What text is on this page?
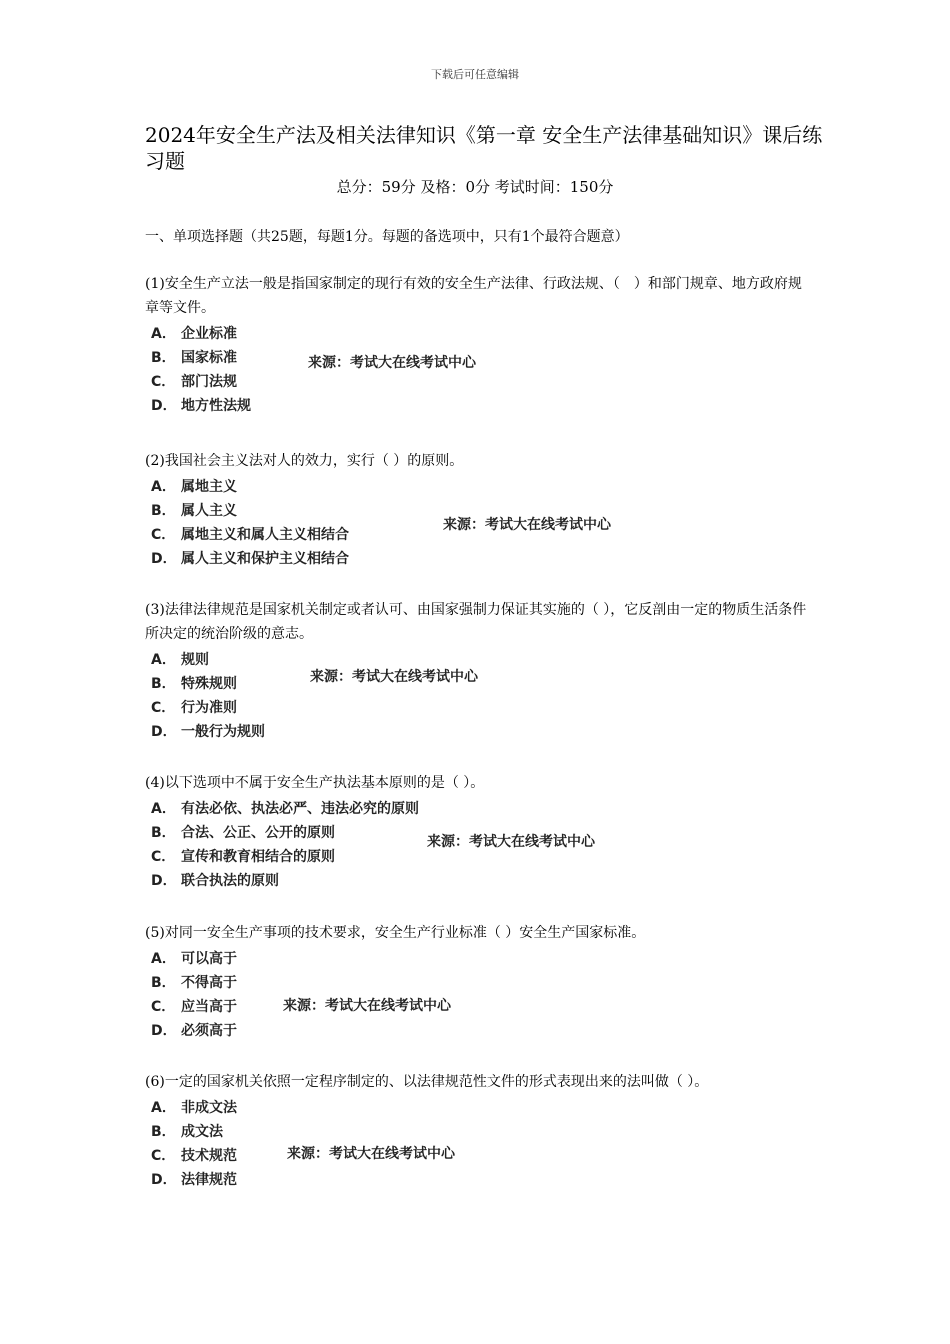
下载后可任意编辑
2024年安全生产法及相关法律知识《第一章 安全生产法律基础知识》课后练习题
总分：59分 及格：0分 考试时间：150分
一、单项选择题（共25题，每题1分。每题的备选项中，只有1个最符合题意）
(1)安全生产立法一般是指国家制定的现行有效的安全生产法律、行政法规、（　）和部门规章、地方政府规章等文件。
A． 企业标准
B． 国家标准
C． 部门法规
D． 地方性法规
来源：考试大在线考试中心
(2)我国社会主义法对人的效力，实行（ ）的原则。
A． 属地主义
B． 属人主义
C． 属地主义和属人主义相结合
D． 属人主义和保护主义相结合
来源：考试大在线考试中心
(3)法律法律规范是国家机关制定或者认可、由国家强制力保证其实施的（ ），它反剖由一定的物质生活条件所决定的统治阶级的意志。
A． 规则
B． 特殊规则
C． 行为准则
D． 一般行为规则
来源：考试大在线考试中心
(4)以下选项中不属于安全生产执法基本原则的是（ ）。
A． 有法必依、执法必严、违法必究的原则
B． 合法、公正、公开的原则
C． 宣传和教育相结合的原则
D． 联合执法的原则
来源：考试大在线考试中心
(5)对同一安全生产事项的技术要求，安全生产行业标准（ ）安全生产国家标准。
A． 可以高于
B． 不得高于
C． 应当高于
D． 必须高于
来源：考试大在线考试中心
(6)一定的国家机关依照一定程序制定的、以法律规范性文件的形式表现出来的法叫做（ ）。
A． 非成文法
B． 成文法
C． 技术规范
D． 法律规范
来源：考试大在线考试中心
